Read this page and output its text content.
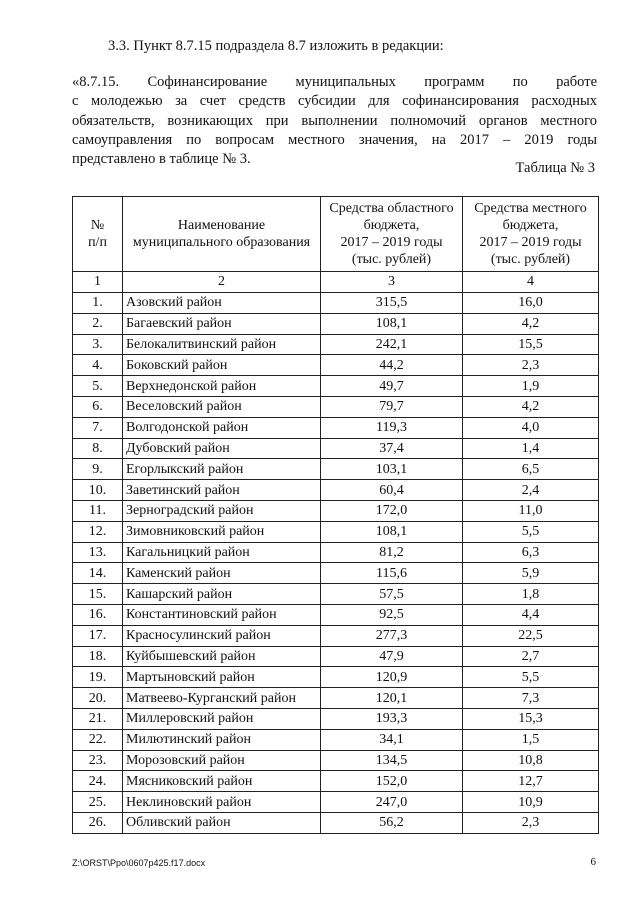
3.3. Пункт 8.7.15 подраздела 8.7 изложить в редакции:
«8.7.15. Софинансирование муниципальных программ по работе
с молодежью за счет средств субсидии для софинансирования расходных
обязательств, возникающих при выполнении полномочий органов местного
самоуправления по вопросам местного значения, на 2017 – 2019 годы
представлено в таблице № 3.
Таблица № 3
№
п/п	Наименование
муниципального образования	Средства областного
бюджета,
2017 – 2019 годы
(тыс. рублей)	Средства местного
бюджета,
2017 – 2019 годы
(тыс. рублей)
1	2	3	4
1.	Азовский район	315,5	16,0
2.	Багаевский район	108,1	4,2
3.	Белокалитвинский район	242,1	15,5
4.	Боковский район	44,2	2,3
5.	Верхнедонской район	49,7	1,9
6.	Веселовский район	79,7	4,2
7.	Волгодонской район	119,3	4,0
8.	Дубовский район	37,4	1,4
9.	Егорлыкский район	103,1	6,5
10.	Заветинский район	60,4	2,4
11.	Зерноградский район	172,0	11,0
12.	Зимовниковский район	108,1	5,5
13.	Кагальницкий район	81,2	6,3
14.	Каменский район	115,6	5,9
15.	Кашарский район	57,5	1,8
16.	Константиновский район	92,5	4,4
17.	Красносулинский район	277,3	22,5
18.	Куйбышевский район	47,9	2,7
19.	Мартыновский район	120,9	5,5
20.	Матвеево-Курганский район	120,1	7,3
21.	Миллеровский район	193,3	15,3
22.	Милютинский район	34,1	1,5
23.	Морозовский район	134,5	10,8
24.	Мясниковский район	152,0	12,7
25.	Неклиновский район	247,0	10,9
26.	Обливский район	56,2	2,3
Z:\ORST\Ppo\0607p425.f17.docx	6
